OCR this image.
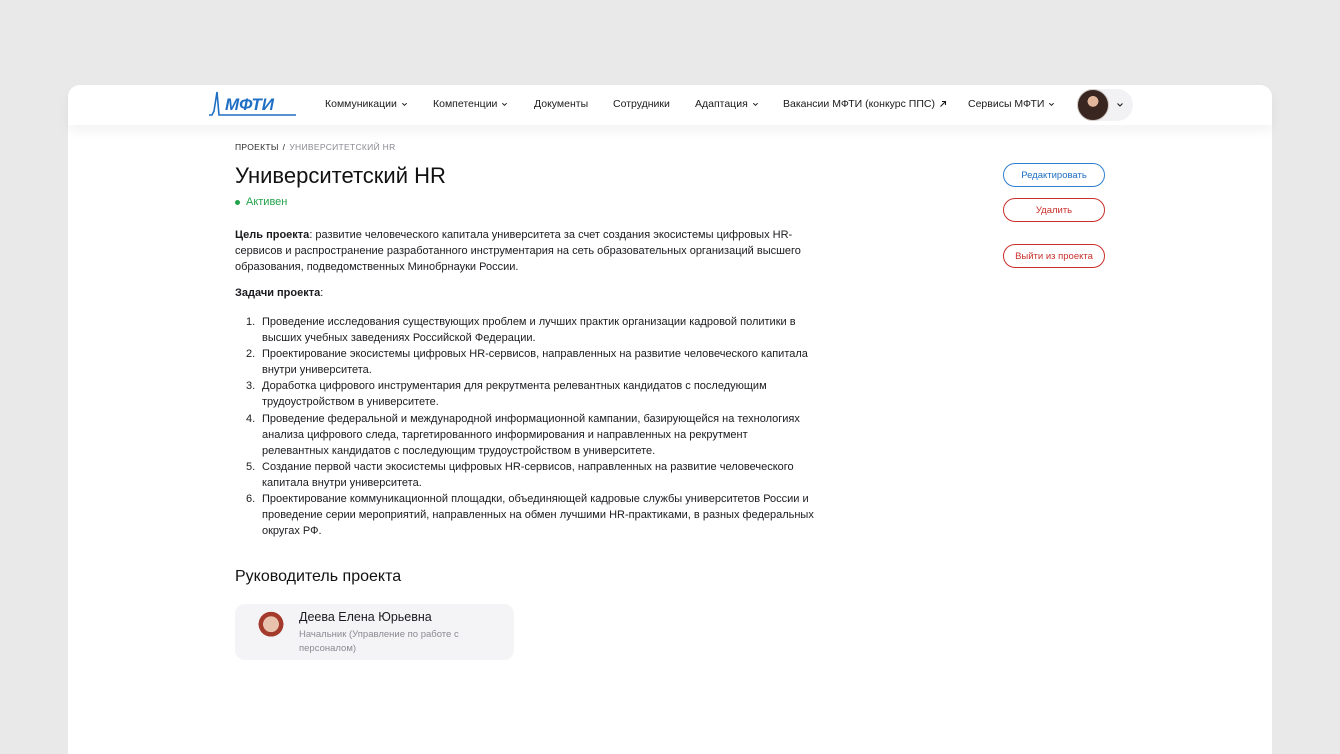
МФТИ	Коммуникации	Компетенции	Документы Сотрудники Адаптация	Вакансии МФТИ (конкурс ППС)	Сервисы МФТИ
ПРОЕКТЫ / УНИВЕРСИТЕТСКИЙ HR
Университетский HR
Активен

Цель проекта: развитие человеческого капитала университета за счет создания экосистемы цифровых HR-сервисов и распространение разработанного инструментария на сеть образовательных организаций высшего образования, подведомственных Минобрнауки России.

Задачи проекта:

1. Проведение исследования существующих проблем и лучших практик организации кадровой политики в высших учебных заведениях Российской Федерации.
2. Проектирование экосистемы цифровых HR-сервисов, направленных на развитие человеческого капитала внутри университета.
3. Доработка цифрового инструментария для рекрутмента релевантных кандидатов с последующим трудоустройством в университете.
4. Проведение федеральной и международной информационной кампании, базирующейся на технологиях анализа цифрового следа, таргетированного информирования и направленных на рекрутмент релевантных кандидатов с последующим трудоустройством в университете.
5. Создание первой части экосистемы цифровых HR-сервисов, направленных на развитие человеческого капитала внутри университета.
6. Проектирование коммуникационной площадки, объединяющей кадровые службы университетов России и проведение серии мероприятий, направленных на обмен лучшими HR-практиками, в разных федеральных округах РФ.
Руководитель проекта
Деева Елена Юрьевна
Начальник (Управление по работе с персоналом)
Редактировать
Удалить
Выйти из проекта
